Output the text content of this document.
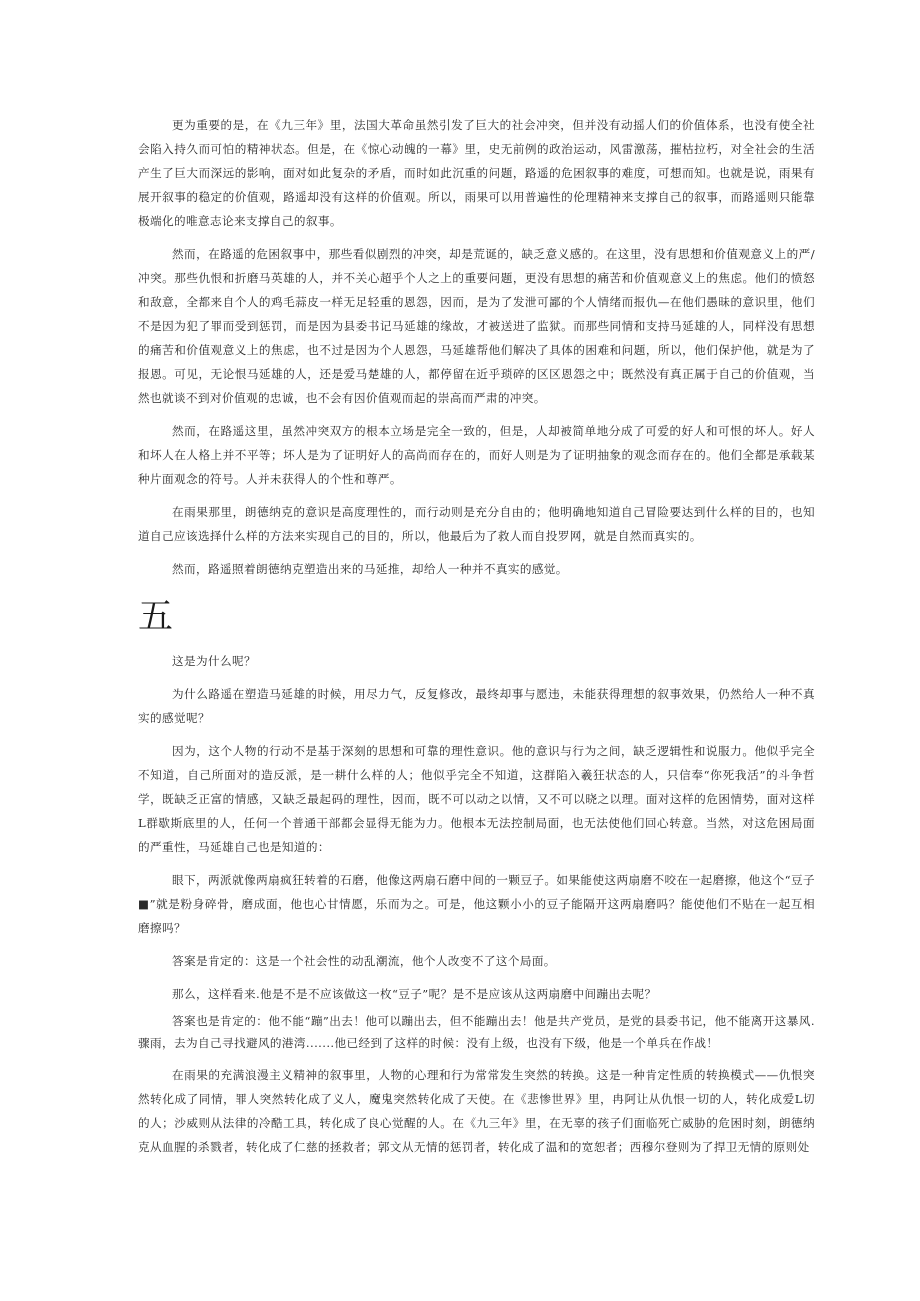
更为重要的是，在《九三年》里，法国大革命虽然引发了巨大的社会冲突，但并没有动摇人们的价值体系，也没有使全社会陷入持久而可怕的精神状态。但是，在《惊心动魄的一幕》里，史无前例的政治运动，风雷激荡，摧枯拉朽，对全社会的生活产生了巨大而深远的影响，面对如此复杂的矛盾，而时如此沉重的问题，路遥的危困叙事的难度，可想而知。也就是说，雨果有展开叙事的稳定的价值观，路遥却没有这样的价值观。所以，雨果可以用普遍性的伦理精神来支撑自己的叙事，而路遥则只能靠极端化的唯意志论来支撑自己的叙事。

然而，在路遥的危困叙事中，那些看似剧烈的冲突，却是荒诞的，缺乏意义感的。在这里，没有思想和价值观意义上的严/冲突。那些仇恨和折磨马英雄的人，并不关心超乎个人之上的重要问题，更没有思想的痛苦和价值观意义上的焦虑。他们的愤怒和敌意，全都来自个人的鸡毛蒜皮一样无足轻重的恩怨，因而，是为了发泄可鄙的个人情绪而报仇—在他们愚昧的意识里，他们不是因为犯了罪而受到惩罚，而是因为县委书记马延雄的缘故，才被送进了监狱。而那些同情和支持马延雄的人，同样没有思想的痛苦和价值观意义上的焦虑，也不过是因为个人恩怨，马延雄帮他们解决了具体的困难和问题，所以，他们保护他，就是为了报恩。可见，无论恨马延雄的人，还是爱马楚雄的人，都停留在近乎琐碎的区区恩怨之中；既然没有真正属于自己的价值观，当然也就谈不到对价值观的忠诚，也不会有因价值观而起的崇高而严肃的冲突。

然而，在路遥这里，虽然冲突双方的根本立场是完全一致的，但是，人却被简单地分成了可爱的好人和可恨的坏人。好人和坏人在人格上并不平等；坏人是为了证明好人的高尚而存在的，而好人则是为了证明抽象的观念而存在的。他们全都是承载某种片面观念的符号。人并未获得人的个性和尊严。

在雨果那里，朗德纳克的意识是高度理性的，而行动则是充分自由的；他明确地知道自己冒险要达到什么样的目的，也知道自己应该选择什么样的方法来实现自己的目的，所以，他最后为了救人而自投罗网，就是自然而真实的。

然而，路遥照着朗德纳克塑造出来的马延推，却给人一种并不真实的感觉。

五

这是为什么呢？

为什么路遥在塑造马延雄的时候，用尽力气，反复修改，最终却事与愿违，未能获得理想的叙事效果，仍然给人一种不真实的感觉呢？

因为，这个人物的行动不是基于深刻的思想和可靠的理性意识。他的意识与行为之间，缺乏逻辑性和说服力。他似乎完全不知道，自己所面对的造反派，是一耕什么样的人；他似乎完全不知道，这群陷入羲狂状态的人，只信奉“你死我活”的斗争哲学，既缺乏正富的情感，又缺乏最起码的理性，因而，既不可以动之以情，又不可以晓之以理。面对这样的危困情势，面对这样L群歇斯底里的人，任何一个普通干部都会显得无能为力。他根本无法控制局面，也无法使他们回心转意。当然，对这危困局面的严重性，马延雄自己也是知道的：

眼下，两派就像两扇疯狂转着的石磨，他像这两扇石磨中间的一颗豆子。如果能使这两扇磨不咬在一起磨擦，他这个“豆子■”就是粉身碎骨，磨成面，他也心甘情愿，乐而为之。可是，他这颗小小的豆子能隔开这两扇磨吗？能使他们不贴在一起互相磨擦吗？

答案是肯定的：这是一个社会性的动乱潮流，他个人改变不了这个局面。

那么，这样看来.他是不是不应该做这一枚“豆子”呢？是不是应该从这两扇磨中间蹦出去呢？

答案也是肯定的：他不能“蹦”出去！他可以蹦出去，但不能蹦出去！他是共产党员，是党的县委书记，他不能离开这暴风.骤雨，去为自己寻找避风的港湾.......他已经到了这样的时候：没有上级，也没有下级，他是一个单兵在作战！

在雨果的充满浪漫主义精神的叙事里，人物的心理和行为常常发生突然的转换。这是一种肯定性质的转换模式——仇恨突然转化成了同情，罪人突然转化成了义人，魔鬼突然转化成了天使。在《悲惨世界》里，冉阿让从仇恨一切的人，转化成爱L切的人；沙威则从法律的冷酷工具，转化成了良心觉醒的人。在《九三年》里，在无辜的孩子们面临死亡威胁的危困时刻，朗德纳克从血腥的杀戮者，转化成了仁慈的拯救者；郭文从无情的惩罚者，转化成了温和的宽恕者；西穆尔登则为了捍卫无情的原则处
